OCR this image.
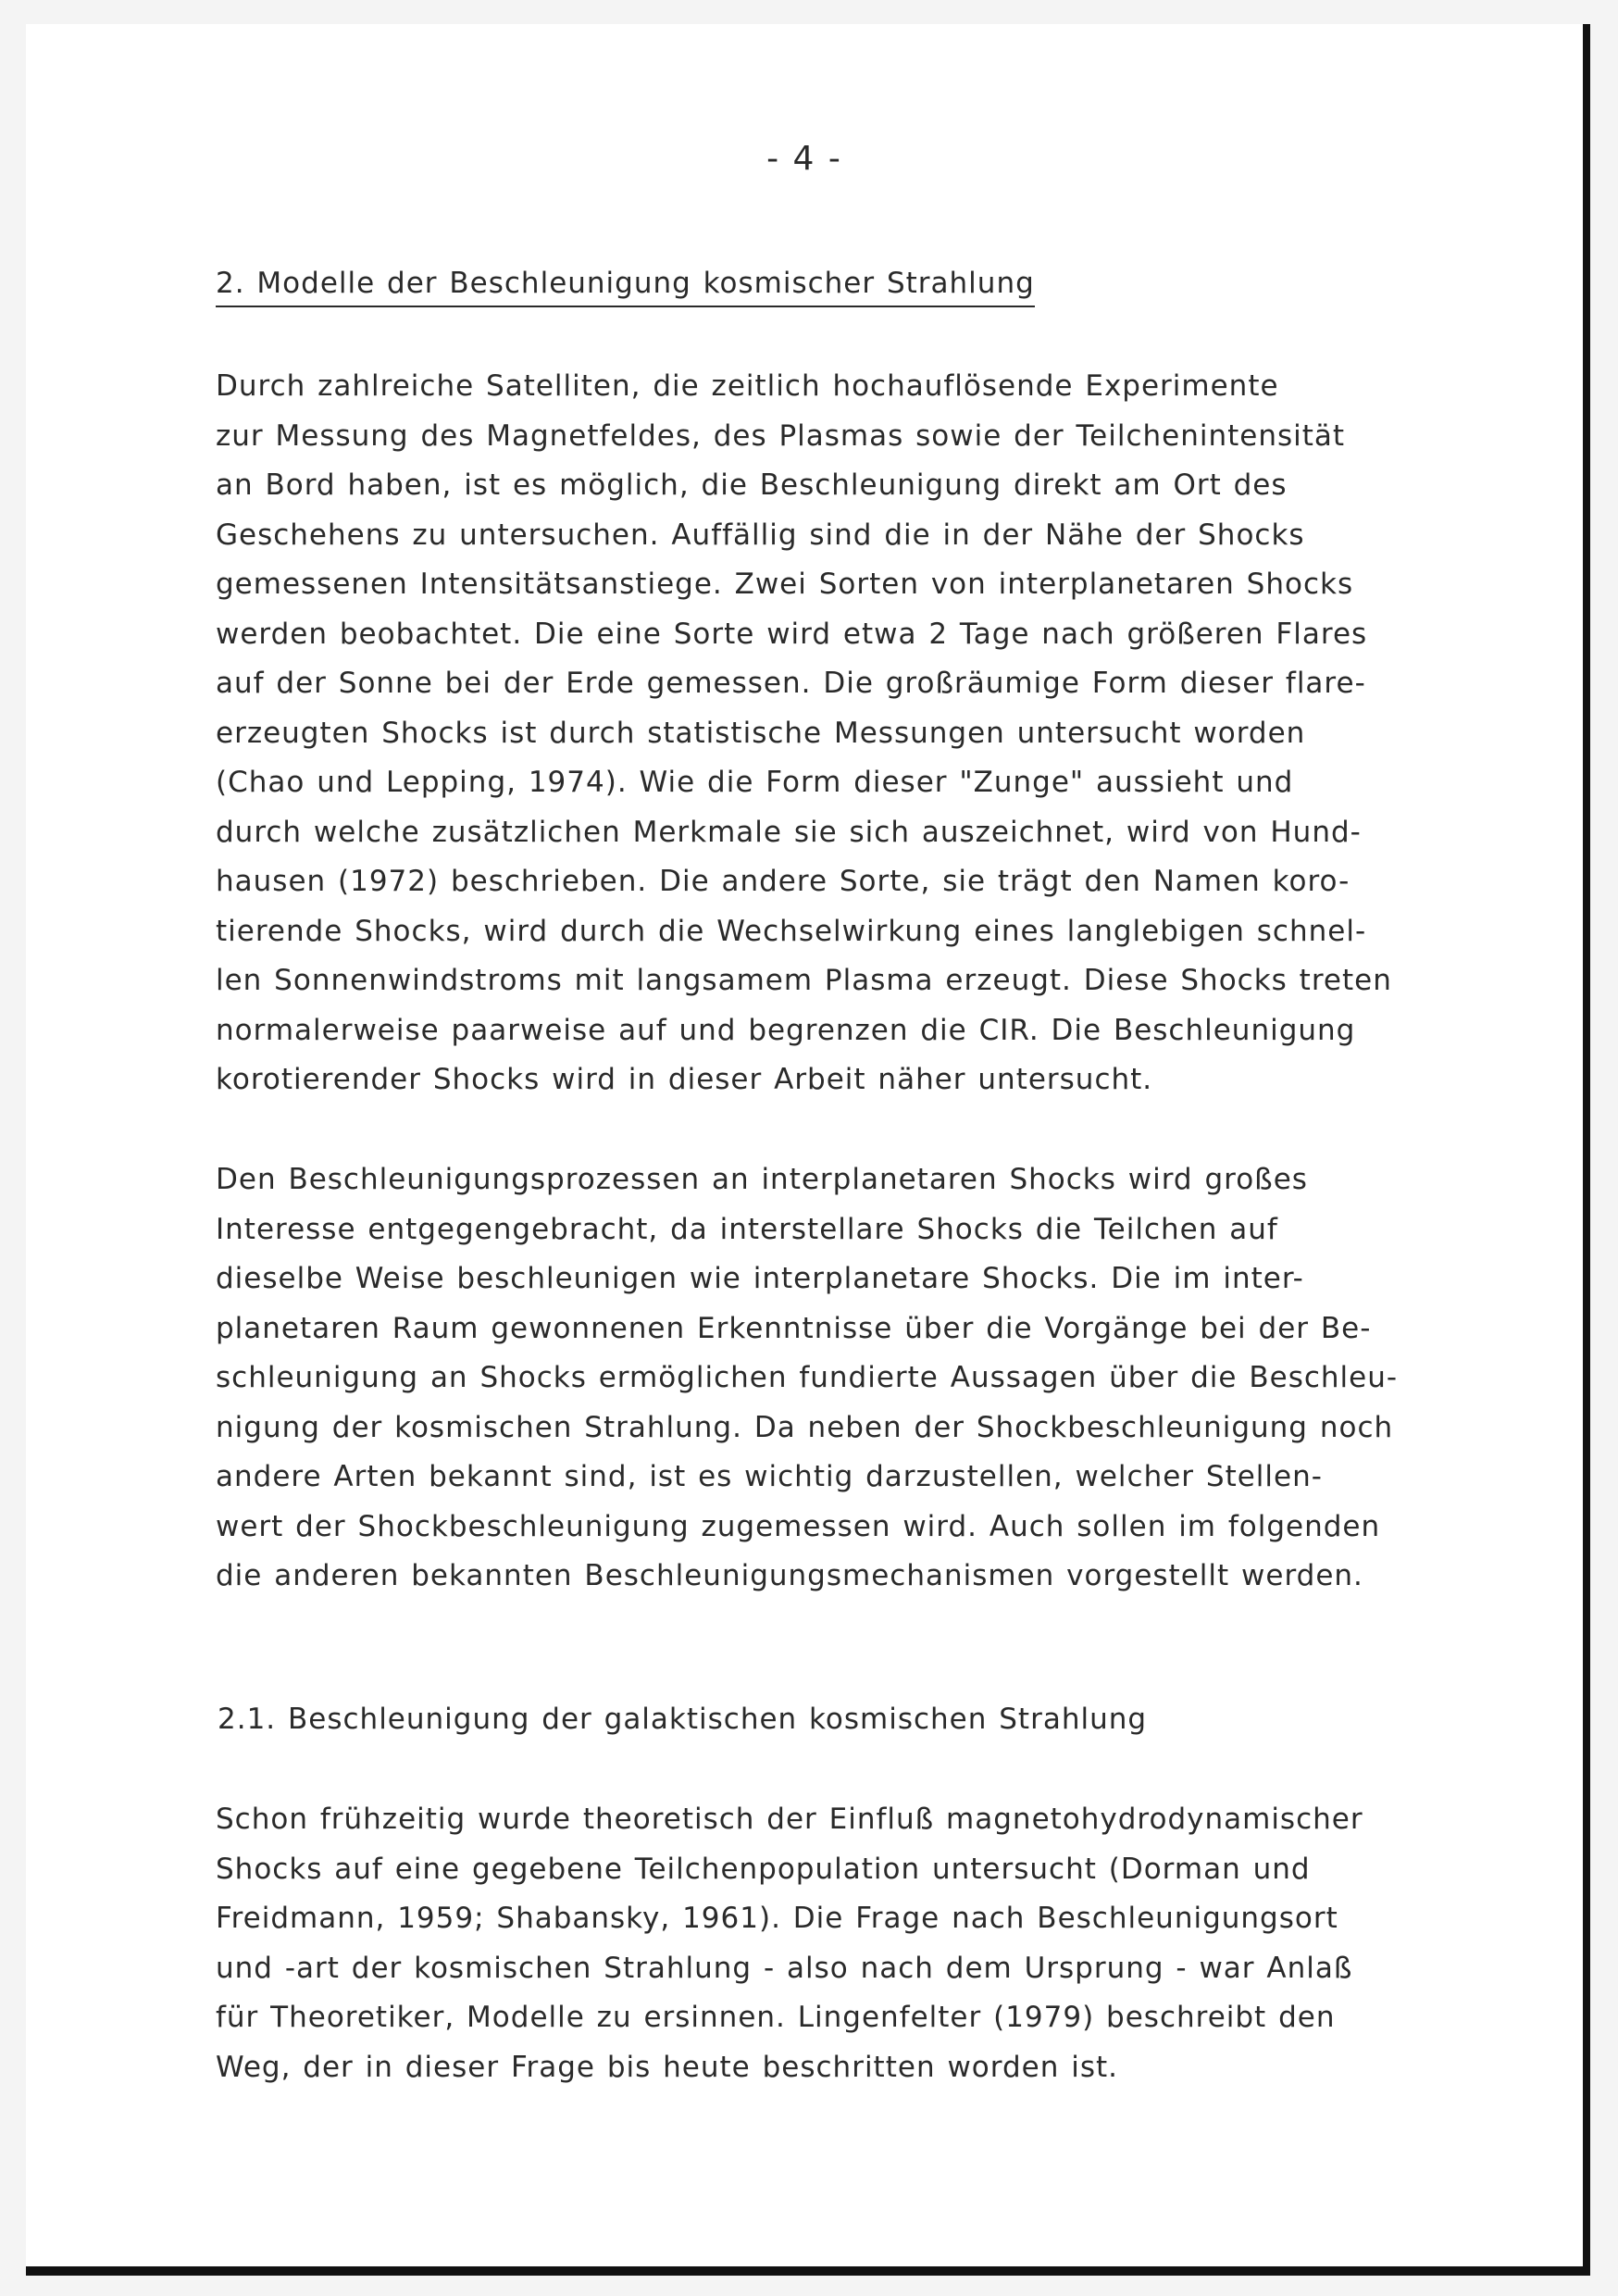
- 4 -
2. Modelle der Beschleunigung kosmischer Strahlung
Durch zahlreiche Satelliten, die zeitlich hochauflösende Experimente
zur Messung des Magnetfeldes, des Plasmas sowie der Teilchenintensität
an Bord haben, ist es möglich, die Beschleunigung direkt am Ort des
Geschehens zu untersuchen. Auffällig sind die in der Nähe der Shocks
gemessenen Intensitätsanstiege. Zwei Sorten von interplanetaren Shocks
werden beobachtet. Die eine Sorte wird etwa 2 Tage nach größeren Flares
auf der Sonne bei der Erde gemessen. Die großräumige Form dieser flare-
erzeugten Shocks ist durch statistische Messungen untersucht worden
(Chao und Lepping, 1974). Wie die Form dieser "Zunge" aussieht und
durch welche zusätzlichen Merkmale sie sich auszeichnet, wird von Hund-
hausen (1972) beschrieben. Die andere Sorte, sie trägt den Namen koro-
tierende Shocks, wird durch die Wechselwirkung eines langlebigen schnel-
len Sonnenwindstroms mit langsamem Plasma erzeugt. Diese Shocks treten
normalerweise paarweise auf und begrenzen die CIR. Die Beschleunigung
korotierender Shocks wird in dieser Arbeit näher untersucht.
Den Beschleunigungsprozessen an interplanetaren Shocks wird großes
Interesse entgegengebracht, da interstellare Shocks die Teilchen auf
dieselbe Weise beschleunigen wie interplanetare Shocks. Die im inter-
planetaren Raum gewonnenen Erkenntnisse über die Vorgänge bei der Be-
schleunigung an Shocks ermöglichen fundierte Aussagen über die Beschleu-
nigung der kosmischen Strahlung. Da neben der Shockbeschleunigung noch
andere Arten bekannt sind, ist es wichtig darzustellen, welcher Stellen-
wert der Shockbeschleunigung zugemessen wird. Auch sollen im folgenden
die anderen bekannten Beschleunigungsmechanismen vorgestellt werden.
2.1. Beschleunigung der galaktischen kosmischen Strahlung
Schon frühzeitig wurde theoretisch der Einfluß magnetohydrodynamischer
Shocks auf eine gegebene Teilchenpopulation untersucht (Dorman und
Freidmann, 1959; Shabansky, 1961). Die Frage nach Beschleunigungsort
und -art der kosmischen Strahlung - also nach dem Ursprung - war Anlaß
für Theoretiker, Modelle zu ersinnen. Lingenfelter (1979) beschreibt den
Weg, der in dieser Frage bis heute beschritten worden ist.
